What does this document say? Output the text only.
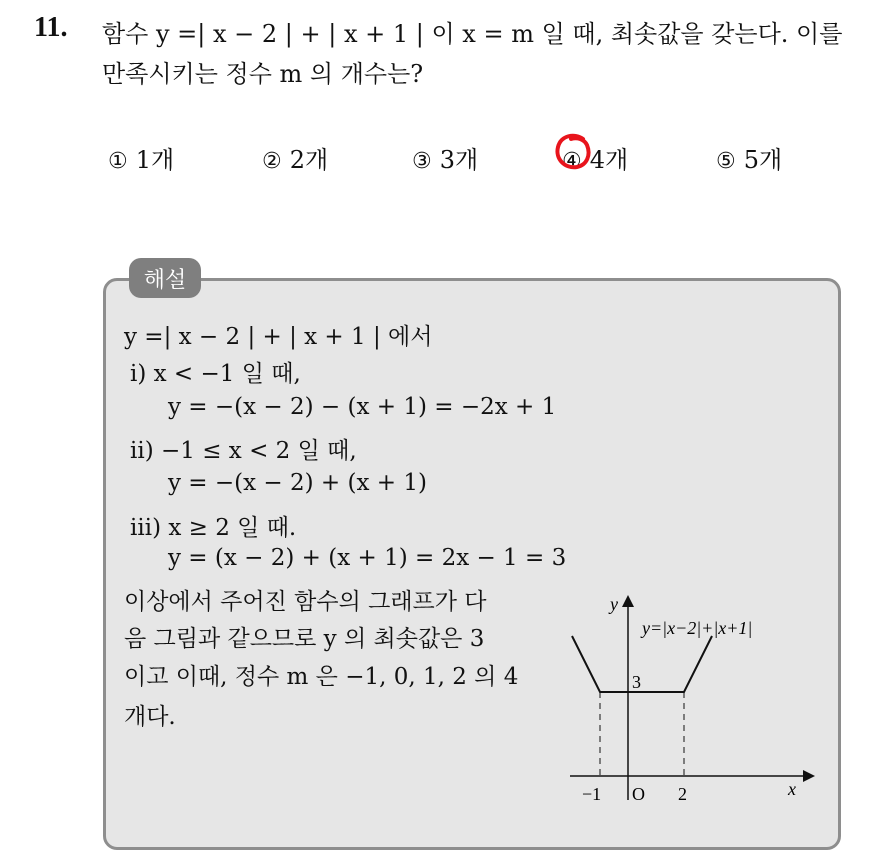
11. 함수 y =| x − 2 | + | x + 1 | 이 x = m 일 때, 최솟값을 갖는다. 이를
만족시키는 정수 m 의 개수는?
① 1개	② 2개	③ 3개	④ 4개	⑤ 5개
해설
y =| x − 2 | + | x + 1 | 에서
ⅰ) x < −1 일 때,
y = −(x − 2) − (x + 1) = −2x + 1
ⅱ) −1 ≤ x < 2 일 때,
y = −(x − 2) + (x + 1)
ⅲ) x ≥ 2 일 때.
y = (x − 2) + (x + 1) = 2x − 1 = 3
이상에서 주어진 함수의 그래프가 다
음 그림과 같으므로 y 의 최솟값은 3
이고 이때, 정수 m 은 −1, 0, 1, 2 의 4
개다.
y
x
y=|x−2|+|x+1|
3
−1	2
O
